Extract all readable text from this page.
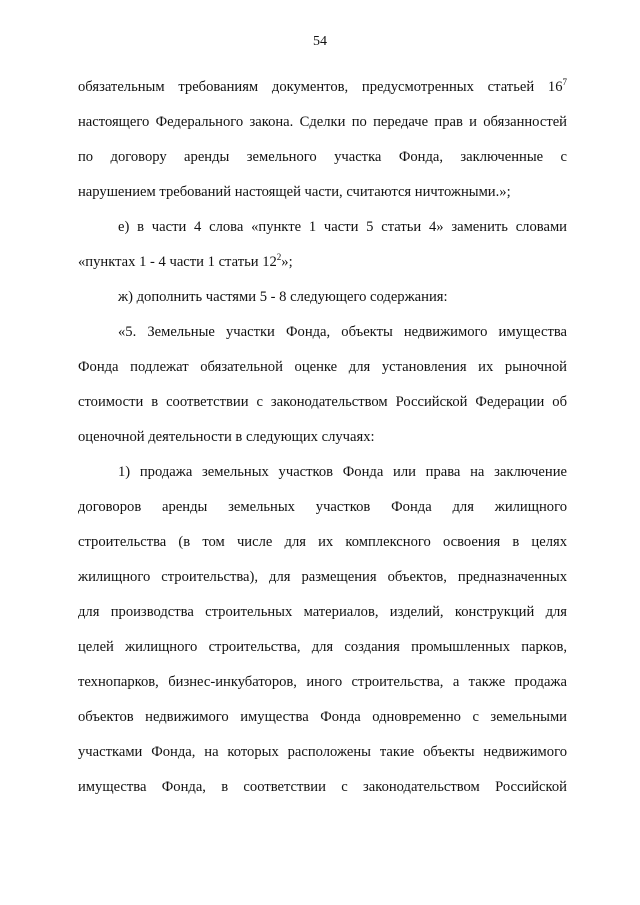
54
обязательным требованиям документов, предусмотренных статьей $16^7$
настоящего Федерального закона. Сделки по передаче прав и обязанностей
по договору аренды земельного участка Фонда, заключенные с
нарушением требований настоящей части, считаются ничтожными.»;
е) в части 4 слова «пункте 1 части 5 статьи 4» заменить словами
«пунктах 1 - 4 части 1 статьи $12^2$»;
ж) дополнить частями 5 - 8 следующего содержания:
«5. Земельные участки Фонда, объекты недвижимого имущества
Фонда подлежат обязательной оценке для установления их рыночной
стоимости в соответствии с законодательством Российской Федерации об
оценочной деятельности в следующих случаях:
1) продажа земельных участков Фонда или права на заключение
договоров аренды земельных участков Фонда для жилищного
строительства (в том числе для их комплексного освоения в целях
жилищного строительства), для размещения объектов, предназначенных
для производства строительных материалов, изделий, конструкций для
целей жилищного строительства, для создания промышленных парков,
технопарков, бизнес-инкубаторов, иного строительства, а также продажа
объектов недвижимого имущества Фонда одновременно с земельными
участками Фонда, на которых расположены такие объекты недвижимого
имущества Фонда, в соответствии с законодательством Российской
